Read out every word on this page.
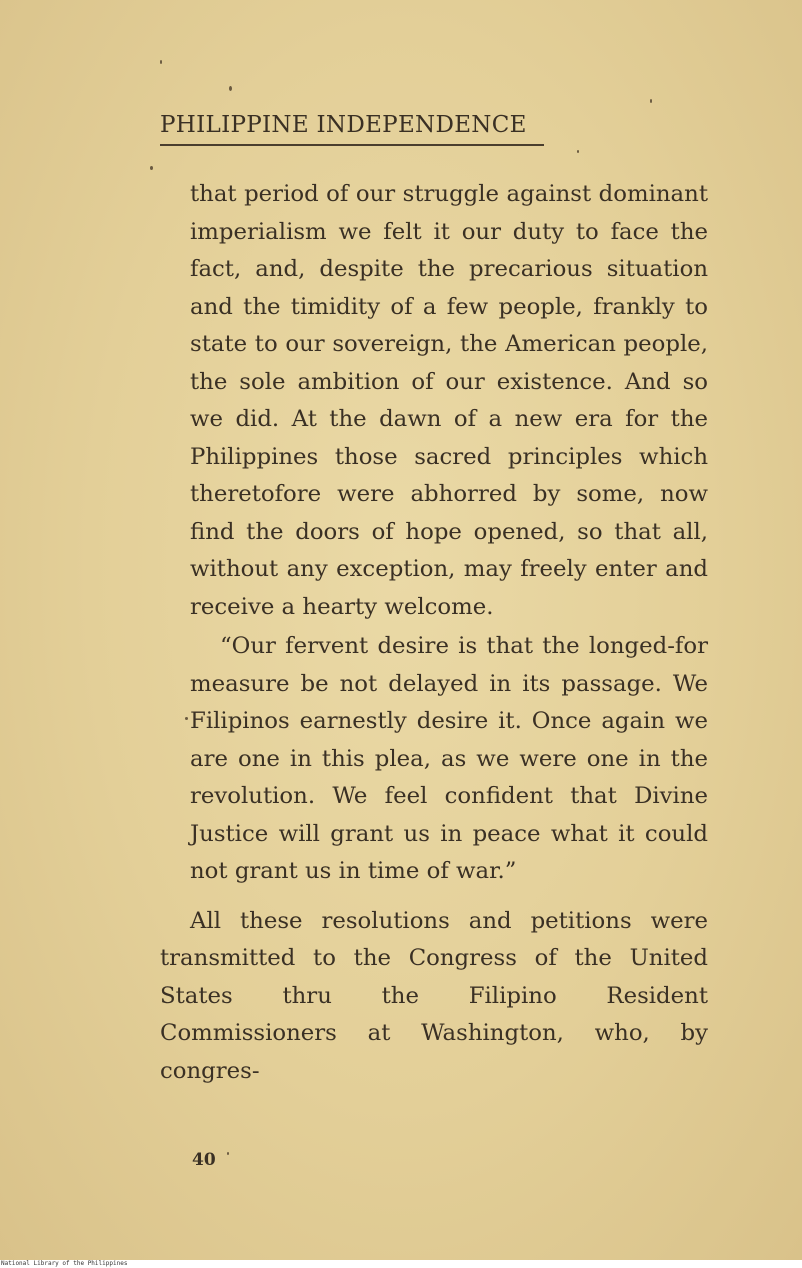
PHILIPPINE INDEPENDENCE

that period of our struggle against dominant imperialism we felt it our duty to face the fact, and, despite the precarious situation and the timidity of a few people, frankly to state to our sovereign, the American people, the sole ambition of our existence. And so we did. At the dawn of a new era for the Philippines those sacred principles which theretofore were abhorred by some, now find the doors of hope opened, so that all, without any exception, may freely enter and receive a hearty welcome.

“Our fervent desire is that the longed-for measure be not delayed in its passage. We Filipinos earnestly desire it. Once again we are one in this plea, as we were one in the revolution. We feel confident that Divine Justice will grant us in peace what it could not grant us in time of war.”

All these resolutions and petitions were transmitted to the Congress of the United States thru the Filipino Resident Commissioners at Washington, who, by congres-

40
National Library of the Philippines
